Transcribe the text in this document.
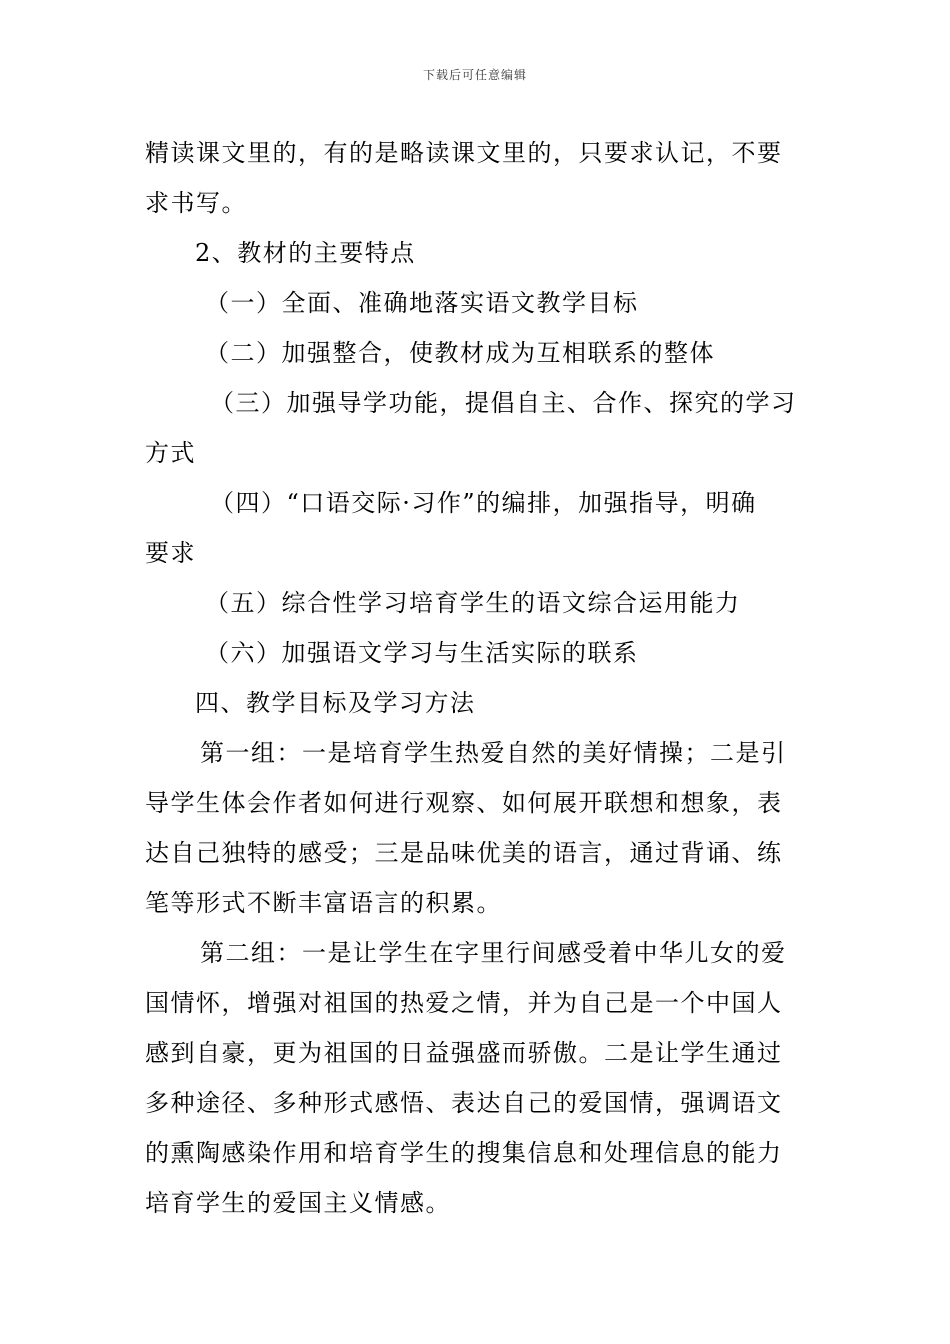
下载后可任意编辑
精读课文里的，有的是略读课文里的，只要求认记，不要
求书写。
2、教材的主要特点
（一）全面、准确地落实语文教学目标
（二）加强整合，使教材成为互相联系的整体
（三）加强导学功能，提倡自主、合作、探究的学习
方式
（四）“口语交际·习作”的编排，加强指导，明确
要求
（五）综合性学习培育学生的语文综合运用能力
（六）加强语文学习与生活实际的联系
四、教学目标及学习方法
第一组：一是培育学生热爱自然的美好情操；二是引
导学生体会作者如何进行观察、如何展开联想和想象，表
达自己独特的感受；三是品味优美的语言，通过背诵、练
笔等形式不断丰富语言的积累。
第二组：一是让学生在字里行间感受着中华儿女的爱
国情怀，增强对祖国的热爱之情，并为自己是一个中国人
感到自豪，更为祖国的日益强盛而骄傲。二是让学生通过
多种途径、多种形式感悟、表达自己的爱国情，强调语文
的熏陶感染作用和培育学生的搜集信息和处理信息的能力
培育学生的爱国主义情感。
